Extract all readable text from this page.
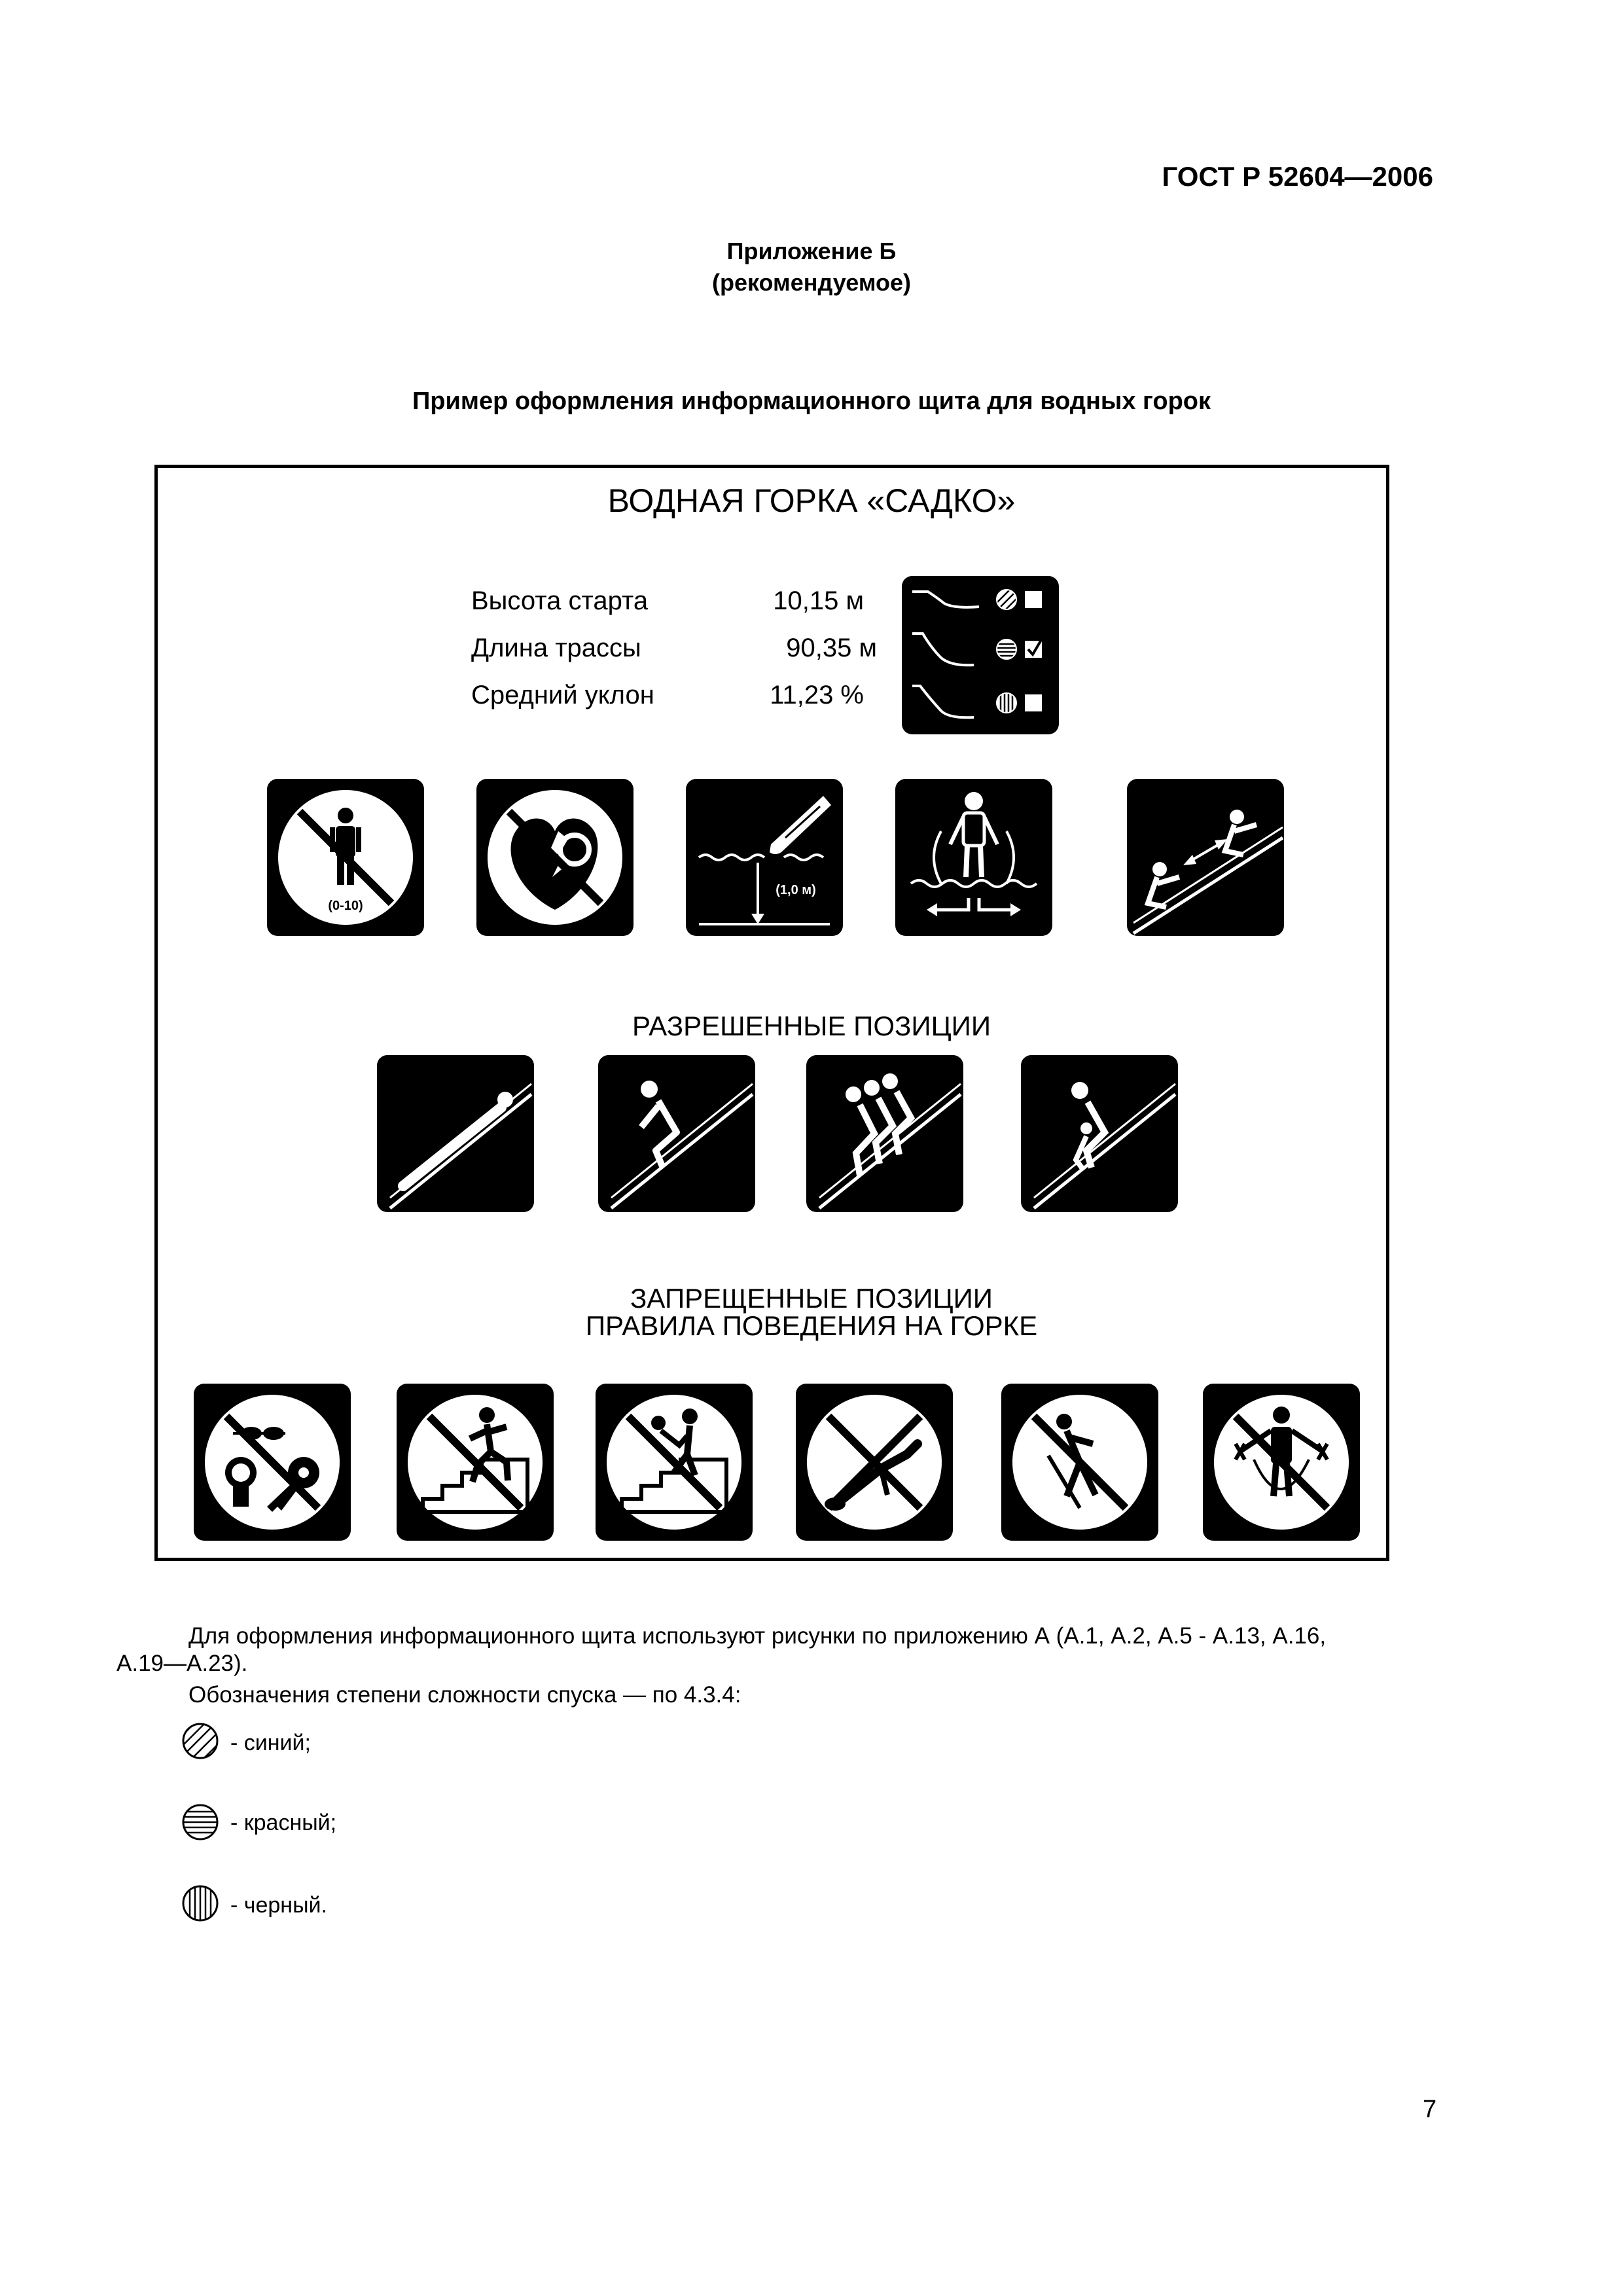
ГОСТ Р 52604—2006
Приложение Б
(рекомендуемое)
Пример оформления информационного щита для водных горок
ВОДНАЯ ГОРКА «САДКО»
Высота старта	10,15 м
Длина трассы	90,35 м
Средний уклон	11,23 %
(0-10)
(1,0 м)
РАЗРЕШЕННЫЕ ПОЗИЦИИ
ЗАПРЕЩЕННЫЕ ПОЗИЦИИ
ПРАВИЛА ПОВЕДЕНИЯ НА ГОРКЕ
Для оформления информационного щита используют рисунки по приложению А (А.1, А.2, А.5 - А.13, А.16,
А.19—А.23).
Обозначения степени сложности спуска — по 4.3.4:
- синий;
- красный;
- черный.
7
